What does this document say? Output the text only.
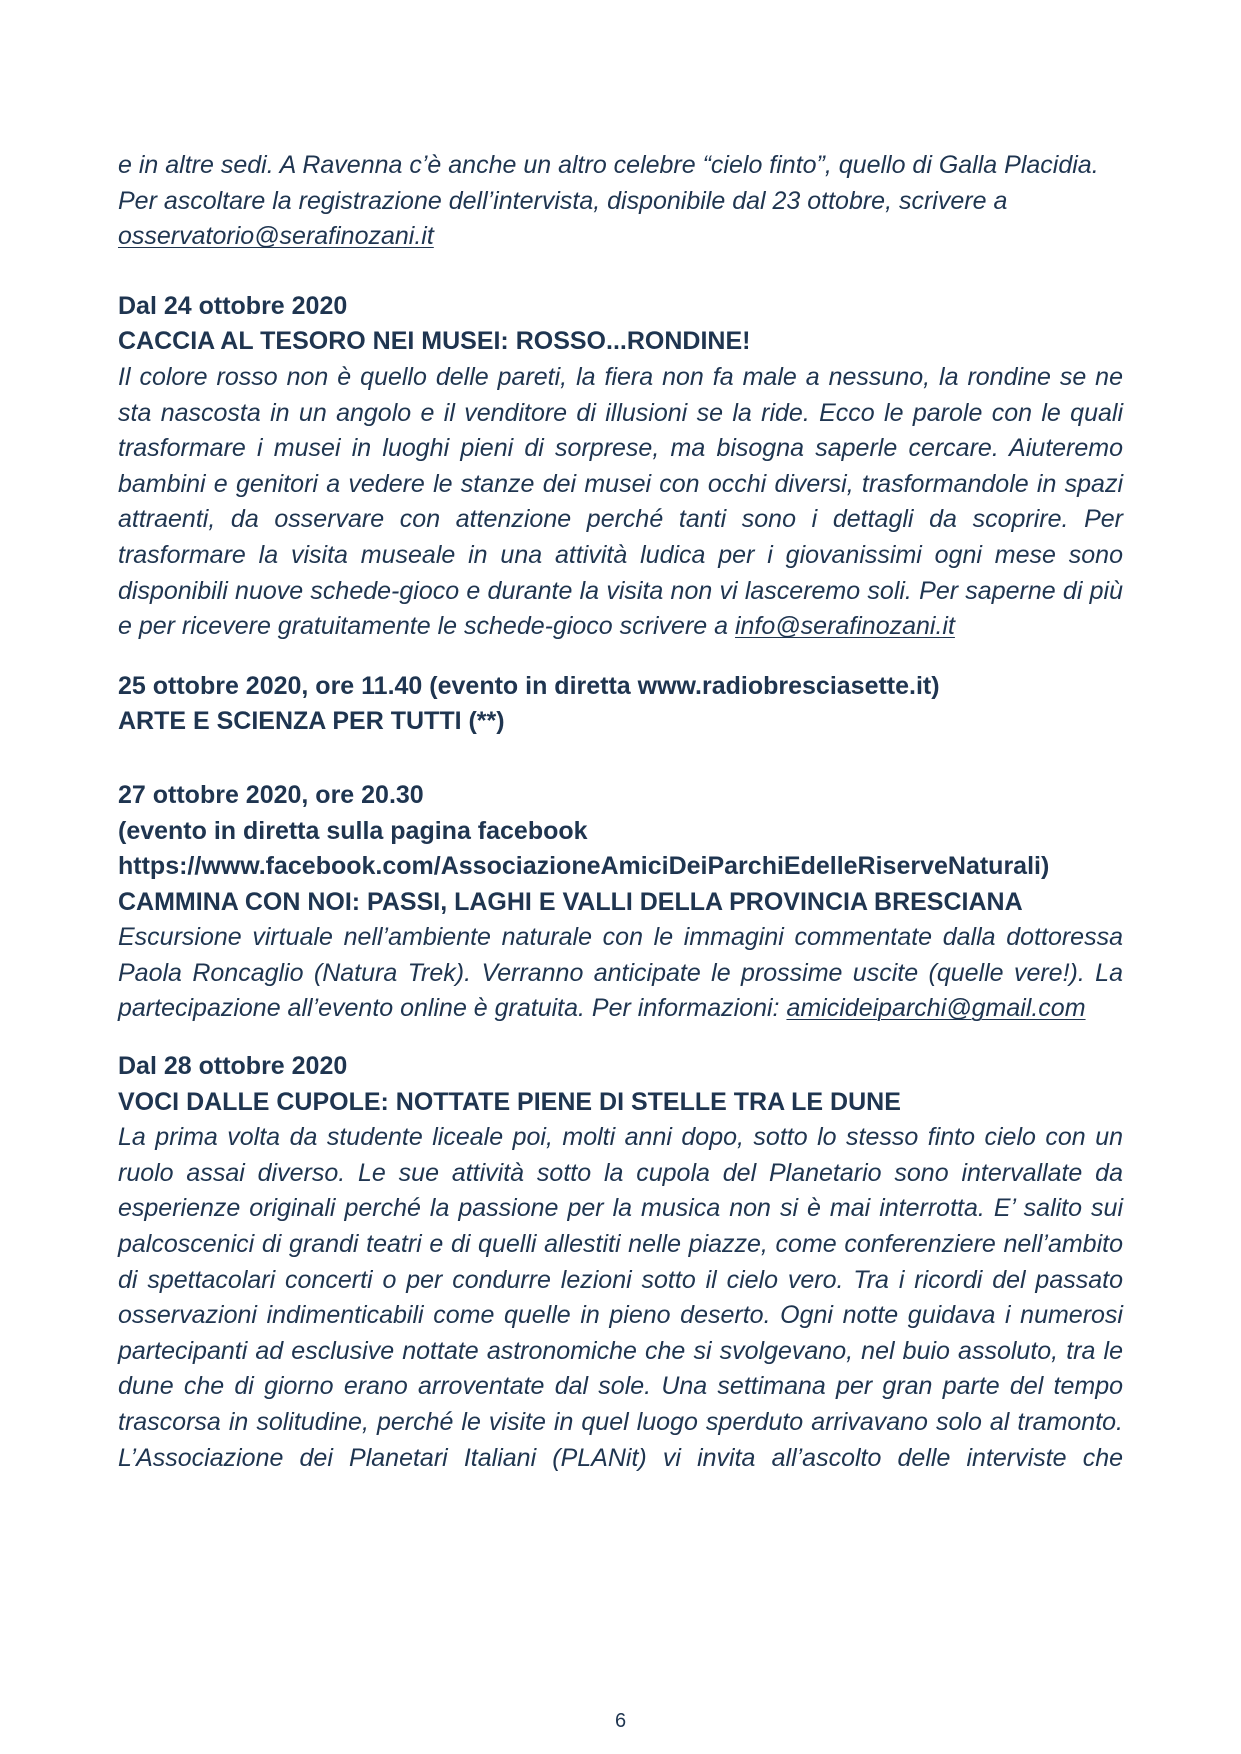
e in altre sedi. A Ravenna c’è anche un altro celebre “cielo finto”, quello di Galla Placidia.
Per ascoltare la registrazione dell’intervista, disponibile dal 23 ottobre, scrivere a
osservatorio@serafinozani.it

Dal 24 ottobre 2020

CACCIA AL TESORO NEI MUSEI: ROSSO...RONDINE!

Il colore rosso non è quello delle pareti, la fiera non fa male a nessuno, la rondine se ne sta nascosta in un angolo e il venditore di illusioni se la ride. Ecco le parole con le quali trasformare i musei in luoghi pieni di sorprese, ma bisogna saperle cercare. Aiuteremo bambini e genitori a vedere le stanze dei musei con occhi diversi, trasformandole in spazi attraenti, da osservare con attenzione perché tanti sono i dettagli da scoprire. Per trasformare la visita museale in una attività ludica per i giovanissimi ogni mese sono disponibili nuove schede-gioco e durante la visita non vi lasceremo soli. Per saperne di più e per ricevere gratuitamente le schede-gioco scrivere a info@serafinozani.it

25 ottobre 2020, ore 11.40 (evento in diretta www.radiobresciasette.it)

ARTE E SCIENZA PER TUTTI (**)

27 ottobre 2020, ore 20.30

(evento in diretta sulla pagina facebook

https://www.facebook.com/AssociazioneAmiciDeiParchiEdelleRiserveNaturali)

CAMMINA CON NOI: PASSI, LAGHI E VALLI DELLA PROVINCIA BRESCIANA

Escursione virtuale nell’ambiente naturale con le immagini commentate dalla dottoressa Paola Roncaglio (Natura Trek). Verranno anticipate le prossime uscite (quelle vere!). La partecipazione all’evento online è gratuita. Per informazioni: amicideiparchi@gmail.com

Dal 28 ottobre 2020

VOCI DALLE CUPOLE: NOTTATE PIENE DI STELLE TRA LE DUNE

La prima volta da studente liceale poi, molti anni dopo, sotto lo stesso finto cielo con un ruolo assai diverso. Le sue attività sotto la cupola del Planetario sono intervallate da esperienze originali perché la passione per la musica non si è mai interrotta. E’ salito sui palcoscenici di grandi teatri e di quelli allestiti nelle piazze, come conferenziere nell’ambito di spettacolari concerti o per condurre lezioni sotto il cielo vero. Tra i ricordi del passato osservazioni indimenticabili come quelle in pieno deserto. Ogni notte guidava i numerosi partecipanti ad esclusive nottate astronomiche che si svolgevano, nel buio assoluto, tra le dune che di giorno erano arroventate dal sole. Una settimana per gran parte del tempo trascorsa in solitudine, perché le visite in quel luogo sperduto arrivavano solo al tramonto. L’Associazione dei Planetari Italiani (PLANit) vi invita all’ascolto delle interviste che

6
